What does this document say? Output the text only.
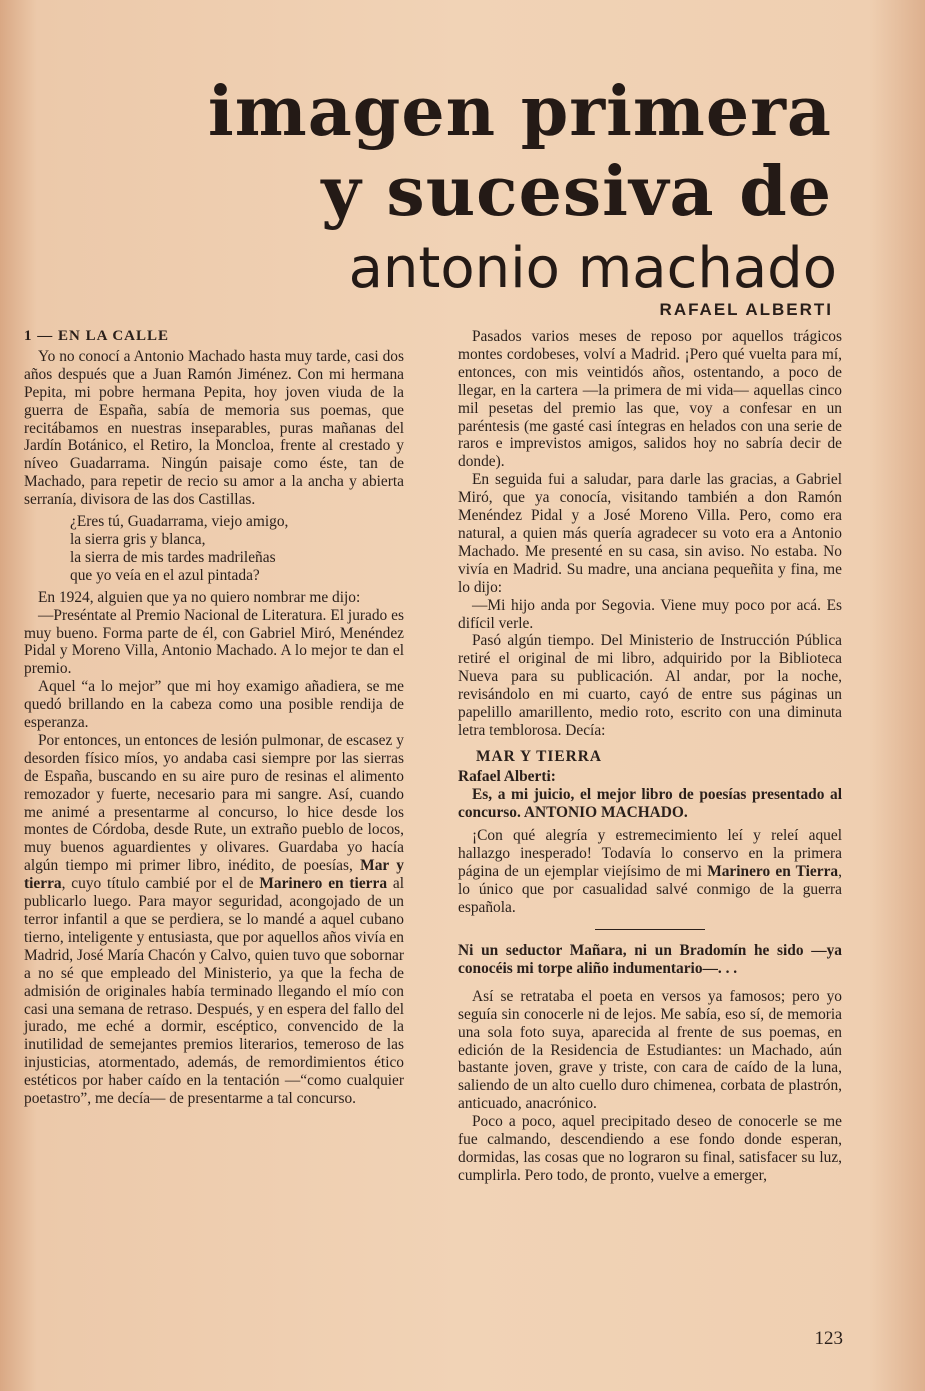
imagen primera
y sucesiva de
antonio machado
RAFAEL ALBERTI
1 — EN LA CALLE

Yo no conocí a Antonio Machado hasta muy tarde, casi dos años después que a Juan Ramón Jiménez. Con mi hermana Pepita, mi pobre hermana Pepita, hoy joven viuda de la guerra de España, sabía de memoria sus poemas, que recitábamos en nuestras inseparables, puras mañanas del Jardín Botánico, el Retiro, la Moncloa, frente al crestado y níveo Guadarrama. Ningún paisaje como éste, tan de Machado, para repetir de recio su amor a la ancha y abierta serranía, divisora de las dos Castillas.

¿Eres tú, Guadarrama, viejo amigo,
la sierra gris y blanca,
la sierra de mis tardes madrileñas
que yo veía en el azul pintada?

En 1924, alguien que ya no quiero nombrar me dijo:

—Preséntate al Premio Nacional de Literatura. El jurado es muy bueno. Forma parte de él, con Gabriel Miró, Menéndez Pidal y Moreno Villa, Antonio Machado. A lo mejor te dan el premio.

Aquel “a lo mejor” que mi hoy examigo añadiera, se me quedó brillando en la cabeza como una posible rendija de esperanza.

Por entonces, un entonces de lesión pulmonar, de escasez y desorden físico míos, yo andaba casi siempre por las sierras de España, buscando en su aire puro de resinas el alimento remozador y fuerte, necesario para mi sangre. Así, cuando me animé a presentarme al concurso, lo hice desde los montes de Córdoba, desde Rute, un extraño pueblo de locos, muy buenos aguardientes y olivares. Guardaba yo hacía algún tiempo mi primer libro, inédito, de poesías, Mar y tierra, cuyo título cambié por el de Marinero en tierra al publicarlo luego. Para mayor seguridad, acongojado de un terror infantil a que se perdiera, se lo mandé a aquel cubano tierno, inteligente y entusiasta, que por aquellos años vivía en Madrid, José María Chacón y Calvo, quien tuvo que sobornar a no sé que empleado del Ministerio, ya que la fecha de admisión de originales había terminado llegando el mío con casi una semana de retraso. Después, y en espera del fallo del jurado, me eché a dormir, escéptico, convencido de la inutilidad de semejantes premios literarios, temeroso de las injusticias, atormentado, además, de remordimientos ético estéticos por haber caído en la tentación —“como cualquier poetastro”, me decía— de presentarme a tal concurso.

Pasados varios meses de reposo por aquellos trágicos montes cordobeses, volví a Madrid. ¡Pero qué vuelta para mí, entonces, con mis veintidós años, ostentando, a poco de llegar, en la cartera —la primera de mi vida— aquellas cinco mil pesetas del premio las que, voy a confesar en un paréntesis (me gasté casi íntegras en helados con una serie de raros e imprevistos amigos, salidos hoy no sabría decir de donde).

En seguida fui a saludar, para darle las gracias, a Gabriel Miró, que ya conocía, visitando también a don Ramón Menéndez Pidal y a José Moreno Villa. Pero, como era natural, a quien más quería agradecer su voto era a Antonio Machado. Me presenté en su casa, sin aviso. No estaba. No vivía en Madrid. Su madre, una anciana pequeñita y fina, me lo dijo:

—Mi hijo anda por Segovia. Viene muy poco por acá. Es difícil verle.

Pasó algún tiempo. Del Ministerio de Instrucción Pública retiré el original de mi libro, adquirido por la Biblioteca Nueva para su publicación. Al andar, por la noche, revisándolo en mi cuarto, cayó de entre sus páginas un papelillo amarillento, medio roto, escrito con una diminuta letra temblorosa. Decía:

MAR Y TIERRA
Rafael Alberti:
Es, a mi juicio, el mejor libro de poesías presentado al concurso. ANTONIO MACHADO.

¡Con qué alegría y estremecimiento leí y releí aquel hallazgo inesperado! Todavía lo conservo en la primera página de un ejemplar viejísimo de mi Marinero en Tierra, lo único que por casualidad salvé conmigo de la guerra española.

Ni un seductor Mañara, ni un Bradomín he sido —ya conocéis mi torpe aliño indumentario—. . .

Así se retrataba el poeta en versos ya famosos; pero yo seguía sin conocerle ni de lejos. Me sabía, eso sí, de memoria una sola foto suya, aparecida al frente de sus poemas, en edición de la Residencia de Estudiantes: un Machado, aún bastante joven, grave y triste, con cara de caído de la luna, saliendo de un alto cuello duro chimenea, corbata de plastrón, anticuado, anacrónico.

Poco a poco, aquel precipitado deseo de conocerle se me fue calmando, descendiendo a ese fondo donde esperan, dormidas, las cosas que no lograron su final, satisfacer su luz, cumplirla. Pero todo, de pronto, vuelve a emerger,

123
